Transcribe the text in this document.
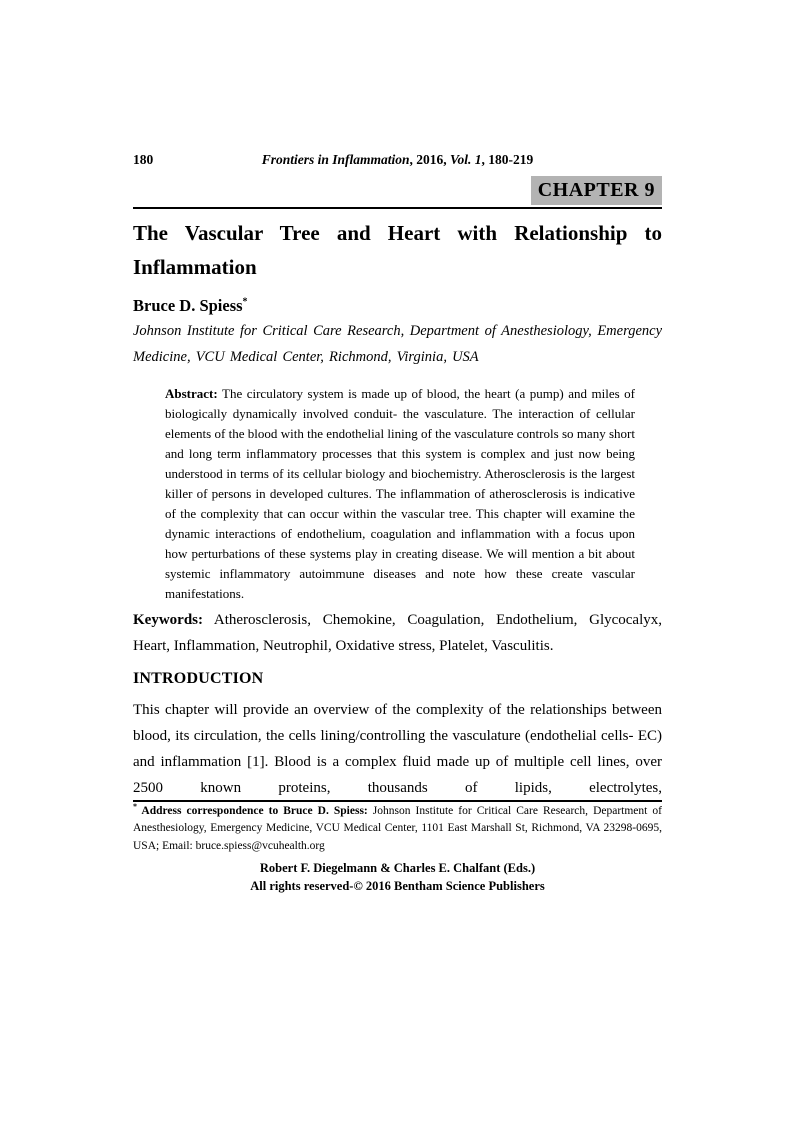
180	Frontiers in Inflammation, 2016, Vol. 1, 180-219
CHAPTER 9
The Vascular Tree and Heart with Relationship to Inflammation
Bruce D. Spiess*
Johnson Institute for Critical Care Research, Department of Anesthesiology, Emergency Medicine, VCU Medical Center, Richmond, Virginia, USA
Abstract: The circulatory system is made up of blood, the heart (a pump) and miles of biologically dynamically involved conduit- the vasculature. The interaction of cellular elements of the blood with the endothelial lining of the vasculature controls so many short and long term inflammatory processes that this system is complex and just now being understood in terms of its cellular biology and biochemistry. Atherosclerosis is the largest killer of persons in developed cultures. The inflammation of atherosclerosis is indicative of the complexity that can occur within the vascular tree. This chapter will examine the dynamic interactions of endothelium, coagulation and inflammation with a focus upon how perturbations of these systems play in creating disease. We will mention a bit about systemic inflammatory autoimmune diseases and note how these create vascular manifestations.
Keywords: Atherosclerosis, Chemokine, Coagulation, Endothelium, Glycocalyx, Heart, Inflammation, Neutrophil, Oxidative stress, Platelet, Vasculitis.
INTRODUCTION
This chapter will provide an overview of the complexity of the relationships between blood, its circulation, the cells lining/controlling the vasculature (endothelial cells- EC) and inflammation [1]. Blood is a complex fluid made up of multiple cell lines, over 2500 known proteins, thousands of lipids, electrolytes,
* Address correspondence to Bruce D. Spiess: Johnson Institute for Critical Care Research, Department of Anesthesiology, Emergency Medicine, VCU Medical Center, 1101 East Marshall St, Richmond, VA 23298-0695, USA; Email: bruce.spiess@vcuhealth.org
Robert F. Diegelmann & Charles E. Chalfant (Eds.)
All rights reserved-© 2016 Bentham Science Publishers
